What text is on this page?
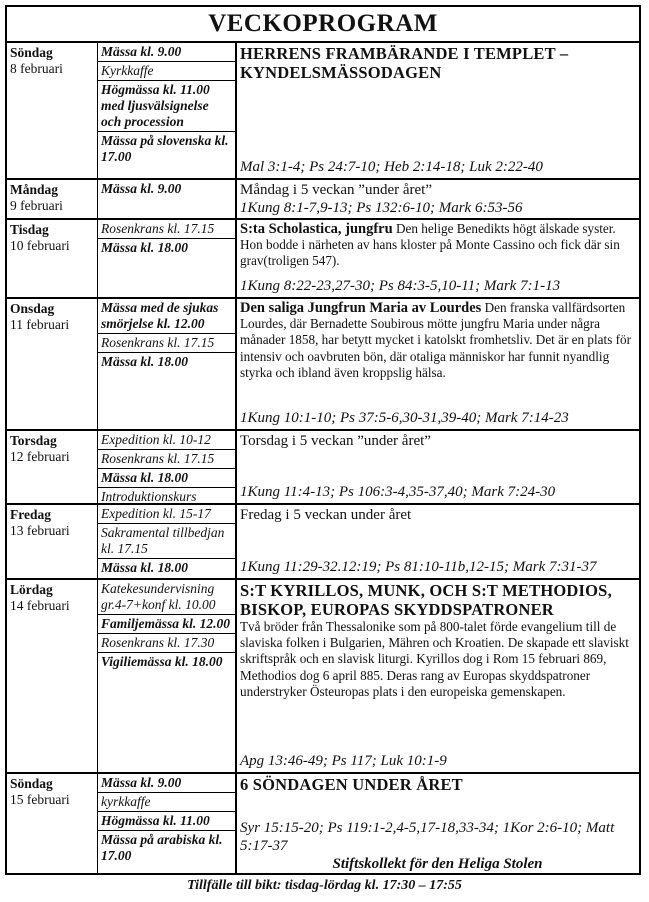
VECKOPROGRAM
Söndag
8 februari
Mässa kl. 9.00
Kyrkkaffe
Högmässa kl. 11.00 med ljusvälsignelse och procession
Mässa på slovenska kl. 17.00
HERRENS FRAMBÄRANDE I TEMPLET – KYNDELSMÄSSODAGEN
Mal 3:1-4; Ps 24:7-10; Heb 2:14-18; Luk 2:22-40
Måndag
9 februari
Mässa kl. 9.00	Måndag i 5 veckan ”under året”
1Kung 8:1-7,9-13; Ps 132:6-10; Mark 6:53-56
Tisdag
10 februari
Rosenkrans kl. 17.15
Mässa kl. 18.00
S:ta Scholastica, jungfru Den helige Benedikts högt älskade syster. Hon bodde i närheten av hans kloster på Monte Cassino och fick där sin grav(troligen 547).
1Kung 8:22-23,27-30; Ps 84:3-5,10-11; Mark 7:1-13
Onsdag
11 februari
Mässa med de sjukas smörjelse kl. 12.00
Rosenkrans kl. 17.15
Mässa kl. 18.00
Den saliga Jungfrun Maria av Lourdes Den franska vallfärdsorten Lourdes, där Bernadette Soubirous mötte jungfru Maria under några månader 1858, har betytt mycket i katolskt fromhetsliv. Det är en plats för intensiv och oavbruten bön, där otaliga människor har funnit nyandlig styrka och ibland även kroppslig hälsa.
1Kung 10:1-10; Ps 37:5-6,30-31,39-40; Mark 7:14-23
Torsdag
12 februari
Expedition kl. 10-12
Rosenkrans kl. 17.15
Mässa kl. 18.00
Introduktionskurs
Torsdag i 5 veckan ”under året”
1Kung 11:4-13; Ps 106:3-4,35-37,40; Mark 7:24-30
Fredag
13 februari
Expedition kl. 15-17
Sakramental tillbedjan kl. 17.15
Mässa kl. 18.00
Fredag i 5 veckan under året
1Kung 11:29-32.12:19; Ps 81:10-11b,12-15; Mark 7:31-37
Lördag
14 februari
Katekesundervisning gr.4-7+konf kl. 10.00
Familjemässa kl. 12.00
Rosenkrans kl. 17.30
Vigiliemässa kl. 18.00
S:T KYRILLOS, MUNK, OCH S:T METHODIOS, BISKOP, EUROPAS SKYDDSPATRONER
Två bröder från Thessalonike som på 800-talet förde evangelium till de slaviska folken i Bulgarien, Mähren och Kroatien. De skapade ett slaviskt skriftspråk och en slavisk liturgi. Kyrillos dog i Rom 15 februari 869, Methodios dog 6 april 885. Deras rang av Europas skyddspatroner understryker Östeuropas plats i den europeiska gemenskapen.
Apg 13:46-49; Ps 117; Luk 10:1-9
Söndag
15 februari
Mässa kl. 9.00
kyrkkaffe
Högmässa kl. 11.00
Mässa på arabiska kl. 17.00
6 SÖNDAGEN UNDER ÅRET
Syr 15:15-20; Ps 119:1-2,4-5,17-18,33-34; 1Kor 2:6-10; Matt 5:17-37
Stiftskollekt för den Heliga Stolen
Tillfälle till bikt: tisdag-lördag kl. 17:30 – 17:55
